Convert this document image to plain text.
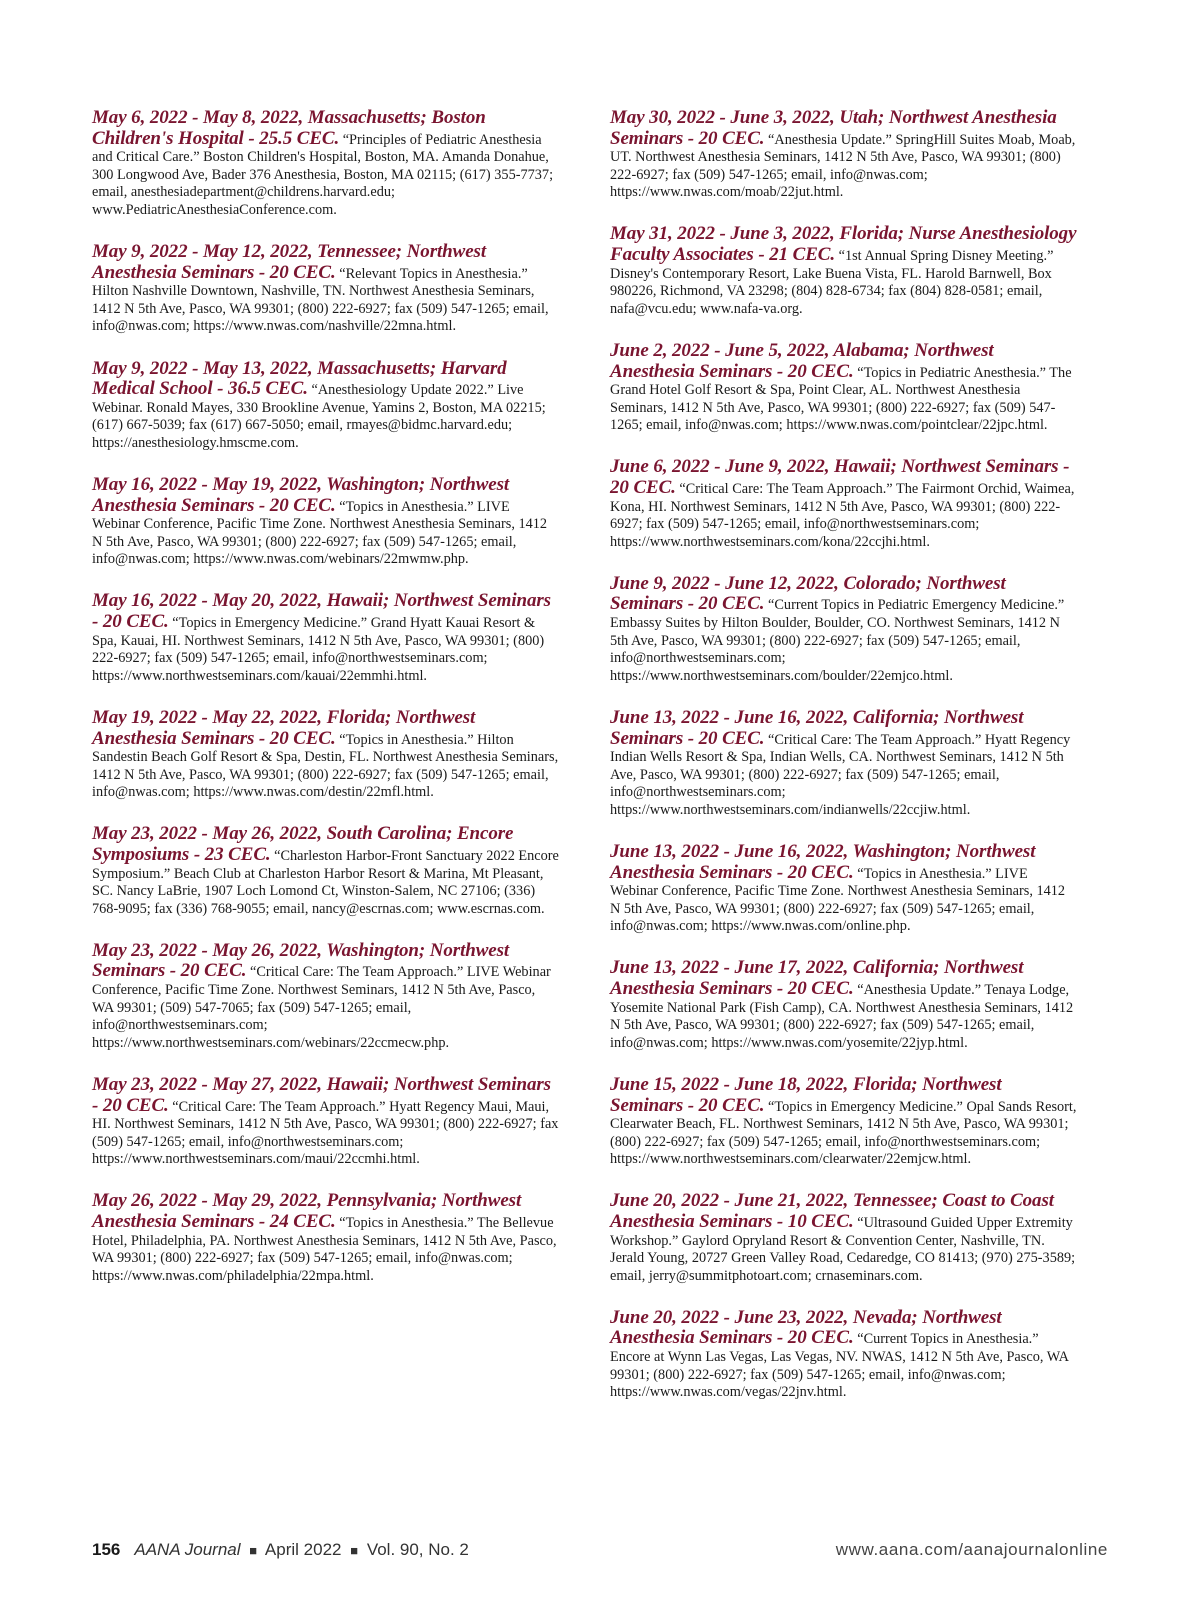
May 6, 2022 - May 8, 2022, Massachusetts; Boston Children's Hospital - 25.5 CEC. “Principles of Pediatric Anesthesia and Critical Care.” Boston Children's Hospital, Boston, MA. Amanda Donahue, 300 Longwood Ave, Bader 376 Anesthesia, Boston, MA 02115; (617) 355-7737; email, anesthesiadepartment@childrens.harvard.edu; www.PediatricAnesthesiaConference.com.
May 9, 2022 - May 12, 2022, Tennessee; Northwest Anesthesia Seminars - 20 CEC. “Relevant Topics in Anesthesia.” Hilton Nashville Downtown, Nashville, TN. Northwest Anesthesia Seminars, 1412 N 5th Ave, Pasco, WA 99301; (800) 222-6927; fax (509) 547-1265; email, info@nwas.com; https://www.nwas.com/nashville/22mna.html.
May 9, 2022 - May 13, 2022, Massachusetts; Harvard Medical School - 36.5 CEC. “Anesthesiology Update 2022.” Live Webinar. Ronald Mayes, 330 Brookline Avenue, Yamins 2, Boston, MA 02215; (617) 667-5039; fax (617) 667-5050; email, rmayes@bidmc.harvard.edu; https://anesthesiology.hmscme.com.
May 16, 2022 - May 19, 2022, Washington; Northwest Anesthesia Seminars - 20 CEC. “Topics in Anesthesia.” LIVE Webinar Conference, Pacific Time Zone. Northwest Anesthesia Seminars, 1412 N 5th Ave, Pasco, WA 99301; (800) 222-6927; fax (509) 547-1265; email, info@nwas.com; https://www.nwas.com/webinars/22mwmw.php.
May 16, 2022 - May 20, 2022, Hawaii; Northwest Seminars - 20 CEC. “Topics in Emergency Medicine.” Grand Hyatt Kauai Resort & Spa, Kauai, HI. Northwest Seminars, 1412 N 5th Ave, Pasco, WA 99301; (800) 222-6927; fax (509) 547-1265; email, info@northwestseminars.com; https://www.northwestseminars.com/kauai/22emmhi.html.
May 19, 2022 - May 22, 2022, Florida; Northwest Anesthesia Seminars - 20 CEC. “Topics in Anesthesia.” Hilton Sandestin Beach Golf Resort & Spa, Destin, FL. Northwest Anesthesia Seminars, 1412 N 5th Ave, Pasco, WA 99301; (800) 222-6927; fax (509) 547-1265; email, info@nwas.com; https://www.nwas.com/destin/22mfl.html.
May 23, 2022 - May 26, 2022, South Carolina; Encore Symposiums - 23 CEC. “Charleston Harbor-Front Sanctuary 2022 Encore Symposium.” Beach Club at Charleston Harbor Resort & Marina, Mt Pleasant, SC. Nancy LaBrie, 1907 Loch Lomond Ct, Winston-Salem, NC 27106; (336) 768-9095; fax (336) 768-9055; email, nancy@escrnas.com; www.escrnas.com.
May 23, 2022 - May 26, 2022, Washington; Northwest Seminars - 20 CEC. “Critical Care: The Team Approach.” LIVE Webinar Conference, Pacific Time Zone. Northwest Seminars, 1412 N 5th Ave, Pasco, WA 99301; (509) 547-7065; fax (509) 547-1265; email, info@northwestseminars.com; https://www.northwestseminars.com/webinars/22ccmecw.php.
May 23, 2022 - May 27, 2022, Hawaii; Northwest Seminars - 20 CEC. “Critical Care: The Team Approach.” Hyatt Regency Maui, Maui, HI. Northwest Seminars, 1412 N 5th Ave, Pasco, WA 99301; (800) 222-6927; fax (509) 547-1265; email, info@northwestseminars.com; https://www.northwestseminars.com/maui/22ccmhi.html.
May 26, 2022 - May 29, 2022, Pennsylvania; Northwest Anesthesia Seminars - 24 CEC. “Topics in Anesthesia.” The Bellevue Hotel, Philadelphia, PA. Northwest Anesthesia Seminars, 1412 N 5th Ave, Pasco, WA 99301; (800) 222-6927; fax (509) 547-1265; email, info@nwas.com; https://www.nwas.com/philadelphia/22mpa.html.
May 30, 2022 - June 3, 2022, Utah; Northwest Anesthesia Seminars - 20 CEC. “Anesthesia Update.” SpringHill Suites Moab, Moab, UT. Northwest Anesthesia Seminars, 1412 N 5th Ave, Pasco, WA 99301; (800) 222-6927; fax (509) 547-1265; email, info@nwas.com; https://www.nwas.com/moab/22jut.html.
May 31, 2022 - June 3, 2022, Florida; Nurse Anesthesiology Faculty Associates - 21 CEC. “1st Annual Spring Disney Meeting.” Disney's Contemporary Resort, Lake Buena Vista, FL. Harold Barnwell, Box 980226, Richmond, VA 23298; (804) 828-6734; fax (804) 828-0581; email, nafa@vcu.edu; www.nafa-va.org.
June 2, 2022 - June 5, 2022, Alabama; Northwest Anesthesia Seminars - 20 CEC. “Topics in Pediatric Anesthesia.” The Grand Hotel Golf Resort & Spa, Point Clear, AL. Northwest Anesthesia Seminars, 1412 N 5th Ave, Pasco, WA 99301; (800) 222-6927; fax (509) 547-1265; email, info@nwas.com; https://www.nwas.com/pointclear/22jpc.html.
June 6, 2022 - June 9, 2022, Hawaii; Northwest Seminars - 20 CEC. “Critical Care: The Team Approach.” The Fairmont Orchid, Waimea, Kona, HI. Northwest Seminars, 1412 N 5th Ave, Pasco, WA 99301; (800) 222-6927; fax (509) 547-1265; email, info@northwestseminars.com; https://www.northwestseminars.com/kona/22ccjhi.html.
June 9, 2022 - June 12, 2022, Colorado; Northwest Seminars - 20 CEC. “Current Topics in Pediatric Emergency Medicine.” Embassy Suites by Hilton Boulder, Boulder, CO. Northwest Seminars, 1412 N 5th Ave, Pasco, WA 99301; (800) 222-6927; fax (509) 547-1265; email, info@northwestseminars.com; https://www.northwestseminars.com/boulder/22emjco.html.
June 13, 2022 - June 16, 2022, California; Northwest Seminars - 20 CEC. “Critical Care: The Team Approach.” Hyatt Regency Indian Wells Resort & Spa, Indian Wells, CA. Northwest Seminars, 1412 N 5th Ave, Pasco, WA 99301; (800) 222-6927; fax (509) 547-1265; email, info@northwestseminars.com; https://www.northwestseminars.com/indianwells/22ccjiw.html.
June 13, 2022 - June 16, 2022, Washington; Northwest Anesthesia Seminars - 20 CEC. “Topics in Anesthesia.” LIVE Webinar Conference, Pacific Time Zone. Northwest Anesthesia Seminars, 1412 N 5th Ave, Pasco, WA 99301; (800) 222-6927; fax (509) 547-1265; email, info@nwas.com; https://www.nwas.com/online.php.
June 13, 2022 - June 17, 2022, California; Northwest Anesthesia Seminars - 20 CEC. “Anesthesia Update.” Tenaya Lodge, Yosemite National Park (Fish Camp), CA. Northwest Anesthesia Seminars, 1412 N 5th Ave, Pasco, WA 99301; (800) 222-6927; fax (509) 547-1265; email, info@nwas.com; https://www.nwas.com/yosemite/22jyp.html.
June 15, 2022 - June 18, 2022, Florida; Northwest Seminars - 20 CEC. “Topics in Emergency Medicine.” Opal Sands Resort, Clearwater Beach, FL. Northwest Seminars, 1412 N 5th Ave, Pasco, WA 99301; (800) 222-6927; fax (509) 547-1265; email, info@northwestseminars.com; https://www.northwestseminars.com/clearwater/22emjcw.html.
June 20, 2022 - June 21, 2022, Tennessee; Coast to Coast Anesthesia Seminars - 10 CEC. “Ultrasound Guided Upper Extremity Workshop.” Gaylord Opryland Resort & Convention Center, Nashville, TN. Jerald Young, 20727 Green Valley Road, Cedaredge, CO 81413; (970) 275-3589; email, jerry@summitphotoart.com; crnaseminars.com.
June 20, 2022 - June 23, 2022, Nevada; Northwest Anesthesia Seminars - 20 CEC. “Current Topics in Anesthesia.” Encore at Wynn Las Vegas, Las Vegas, NV. NWAS, 1412 N 5th Ave, Pasco, WA 99301; (800) 222-6927; fax (509) 547-1265; email, info@nwas.com; https://www.nwas.com/vegas/22jnv.html.
156 AANA Journal ■ April 2022 ■ Vol. 90, No. 2	www.aana.com/aanajournalonline
